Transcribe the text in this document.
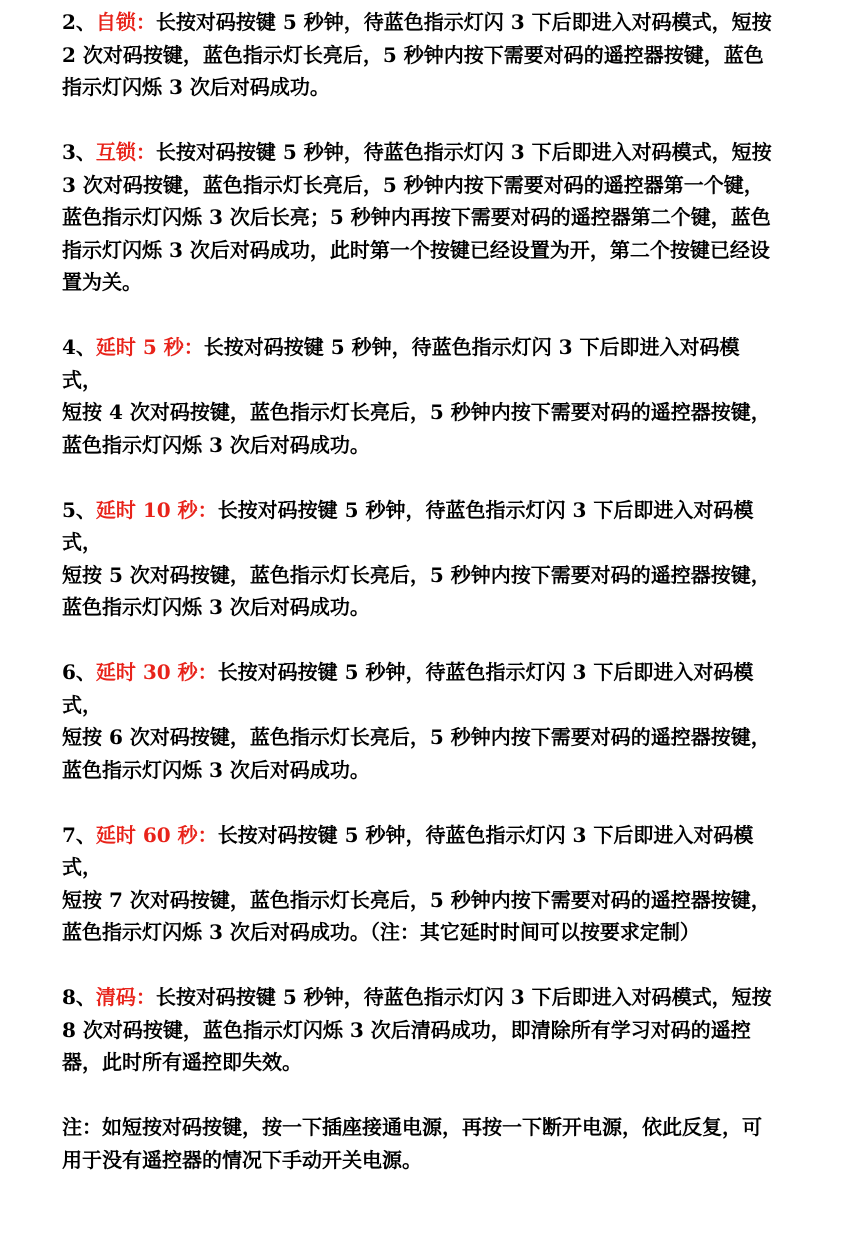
2、自锁：长按对码按键 5 秒钟，待蓝色指示灯闪 3 下后即进入对码模式，短按 2 次对码按键，蓝色指示灯长亮后，5 秒钟内按下需要对码的遥控器按键，蓝色指示灯闪烁 3 次后对码成功。

3、互锁：长按对码按键 5 秒钟，待蓝色指示灯闪 3 下后即进入对码模式，短按 3 次对码按键，蓝色指示灯长亮后，5 秒钟内按下需要对码的遥控器第一个键，蓝色指示灯闪烁 3 次后长亮；5 秒钟内再按下需要对码的遥控器第二个键，蓝色指示灯闪烁 3 次后对码成功，此时第一个按键已经设置为开，第二个按键已经设置为关。

4、延时 5 秒：长按对码按键 5 秒钟，待蓝色指示灯闪 3 下后即进入对码模式，

短按 4 次对码按键，蓝色指示灯长亮后，5 秒钟内按下需要对码的遥控器按键，蓝色指示灯闪烁 3 次后对码成功。

5、延时 10 秒：长按对码按键 5 秒钟，待蓝色指示灯闪 3 下后即进入对码模式，

短按 5 次对码按键，蓝色指示灯长亮后，5 秒钟内按下需要对码的遥控器按键，蓝色指示灯闪烁 3 次后对码成功。

6、延时 30 秒：长按对码按键 5 秒钟，待蓝色指示灯闪 3 下后即进入对码模式，

短按 6 次对码按键，蓝色指示灯长亮后，5 秒钟内按下需要对码的遥控器按键，蓝色指示灯闪烁 3 次后对码成功。

7、延时 60 秒：长按对码按键 5 秒钟，待蓝色指示灯闪 3 下后即进入对码模式，

短按 7 次对码按键，蓝色指示灯长亮后，5 秒钟内按下需要对码的遥控器按键，蓝色指示灯闪烁 3 次后对码成功。（注：其它延时时间可以按要求定制）

8、清码：长按对码按键 5 秒钟，待蓝色指示灯闪 3 下后即进入对码模式，短按 8 次对码按键，蓝色指示灯闪烁 3 次后清码成功，即清除所有学习对码的遥控器，此时所有遥控即失效。

注：如短按对码按键，按一下插座接通电源，再按一下断开电源，依此反复，可用于没有遥控器的情况下手动开关电源。
